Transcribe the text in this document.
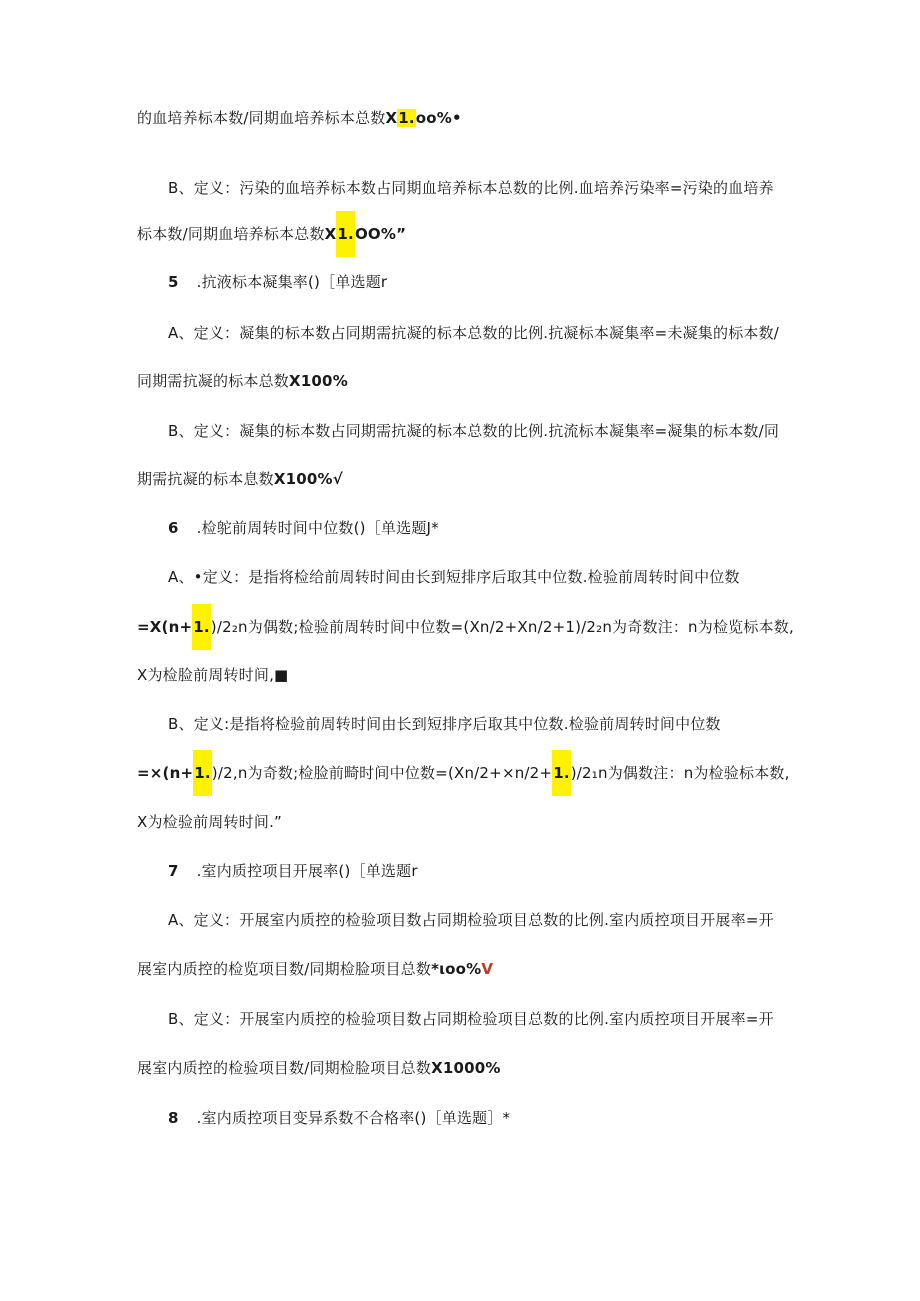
的血培养标本数/同期血培养标本总数X1.oo%•
B、定义：污染的血培养标本数占同期血培养标本总数的比例.血培养污染率=污染的血培养
标本数/同期血培养标本总数X1.OO%”
5 .抗液标本凝集率()［单选题r
A、定义：凝集的标本数占同期需抗凝的标本总数的比例.抗凝标本凝集率=未凝集的标本数/
同期需抗凝的标本总数X100%
B、定义：凝集的标本数占同期需抗凝的标本总数的比例.抗流标本凝集率=凝集的标本数/同
期需抗凝的标本息数X100%√
6 .检鸵前周转时间中位数()［单选题J*
A、•定义：是指将检给前周转时间由长到短排序后取其中位数.检验前周转时间中位数
=X(n+1.)/2₂n为偶数;检验前周转时间中位数=(Xn/2+Xn/2+1)/2₂n为奇数注：n为检览标本数,
X为检脸前周转时间,■
B、定义:是指将检验前周转时间由长到短排序后取其中位数.检验前周转时间中位数
=×(n+1.)/2,n为奇数;检脸前畸时间中位数=(Xn/2+×n/2+1.)/2₁n为偶数注：n为检验标本数,
X为检验前周转时间.”
7 .室内质控项目开展率()［单选题r
A、定义：开展室内质控的检验项目数占同期检验项目总数的比例.室内质控项目开展率=开
展室内质控的检览项目数/同期检脸项目总数*ιoo%V
B、定义：开展室内质控的检验项目数占同期检验项目总数的比例.室内质控项目开展率=开
展室内质控的检验项目数/同期检脸项目总数X1000%
8 .室内质控项目变异系数不合格率()［单选题］*
